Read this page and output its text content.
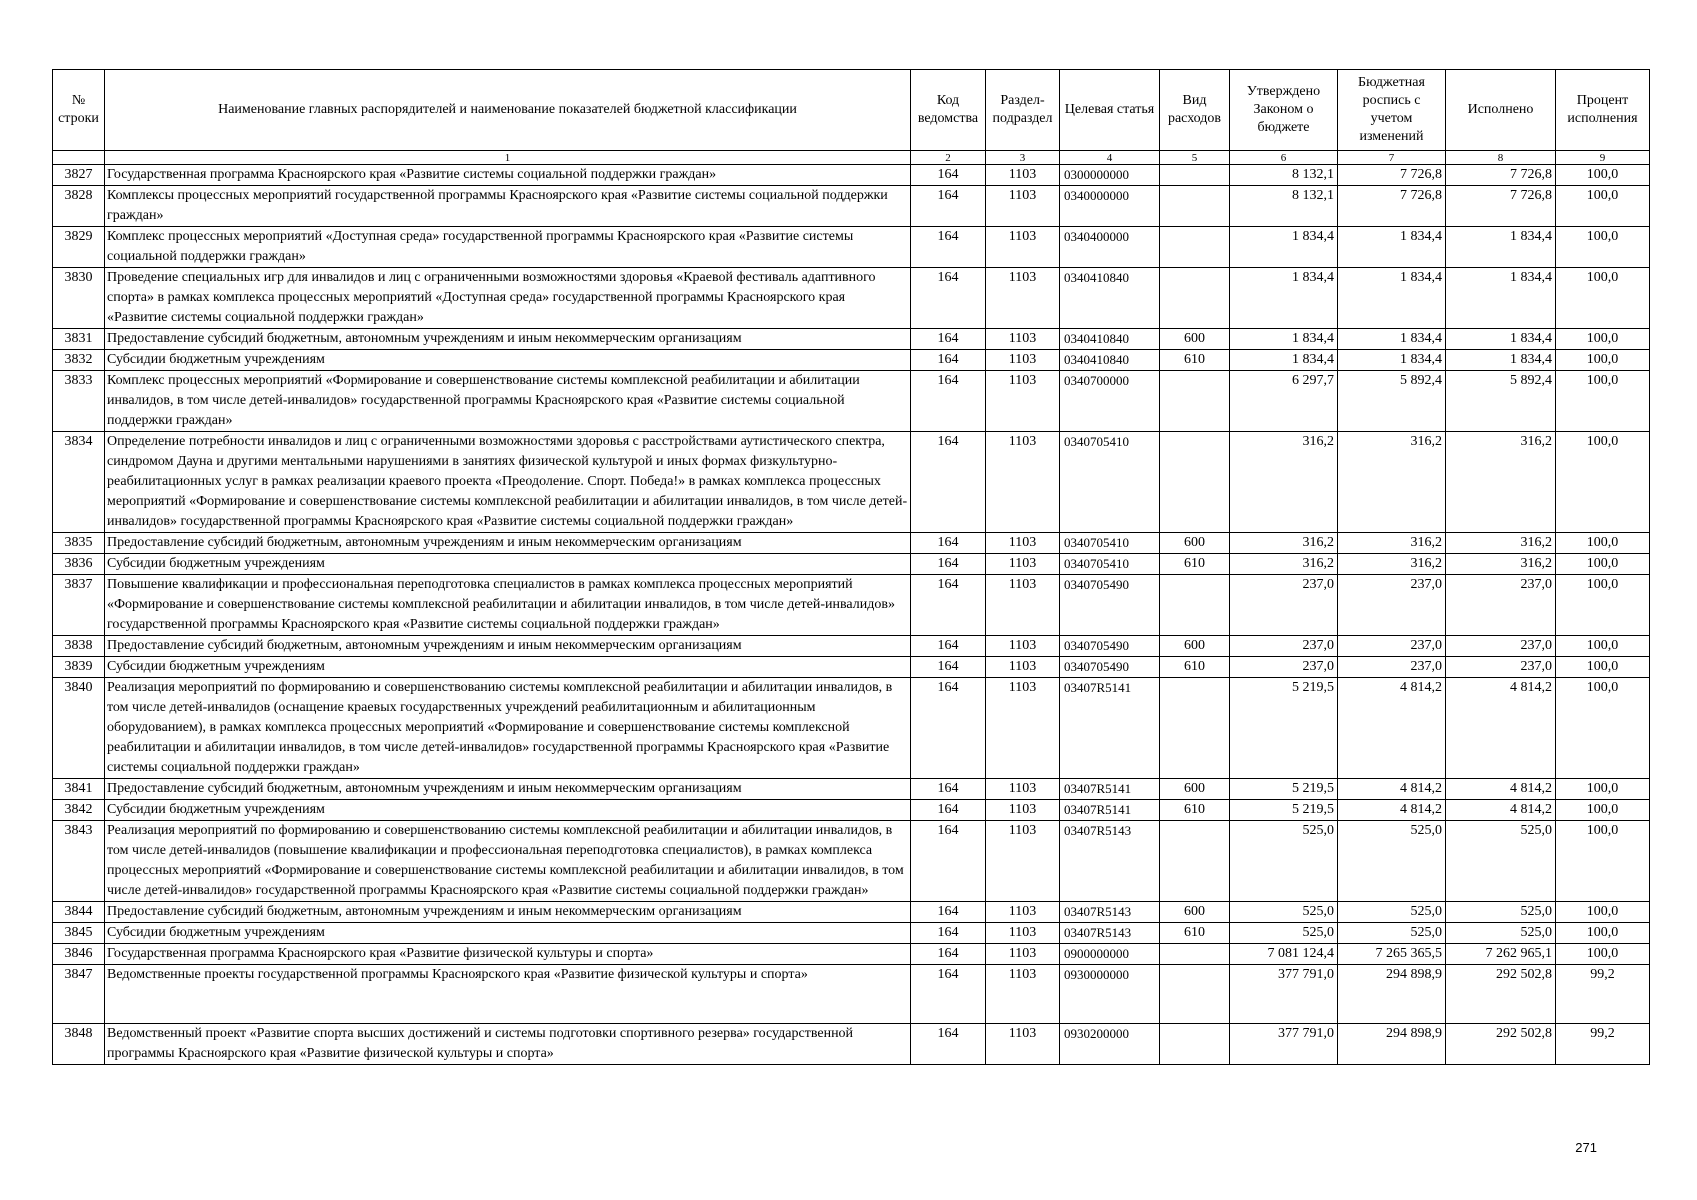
№ строки	Наименование главных распорядителей и наименование показателей бюджетной классификации	Код ведомства	Раздел-подраздел	Целевая статья	Вид расходов	Утверждено Законом о бюджете	Бюджетная роспись с учетом изменений	Исполнено	Процент исполнения
	1	2	3	4	5	6	7	8	9
3827	Государственная программа Красноярского края «Развитие системы социальной поддержки граждан»	164	1103	0300000000		8 132,1	7 726,8	7 726,8	100,0
3828	Комплексы процессных мероприятий государственной программы Красноярского края «Развитие системы социальной поддержки граждан»	164	1103	0340000000		8 132,1	7 726,8	7 726,8	100,0
3829	Комплекс процессных мероприятий «Доступная среда» государственной программы Красноярского края «Развитие системы социальной поддержки граждан»	164	1103	0340400000		1 834,4	1 834,4	1 834,4	100,0
3830	Проведение специальных игр для инвалидов и лиц с ограниченными возможностями здоровья «Краевой фестиваль адаптивного спорта» в рамках комплекса процессных мероприятий «Доступная среда» государственной программы Красноярского края «Развитие системы социальной поддержки граждан»	164	1103	0340410840		1 834,4	1 834,4	1 834,4	100,0
3831	Предоставление субсидий бюджетным, автономным учреждениям и иным некоммерческим организациям	164	1103	0340410840	600	1 834,4	1 834,4	1 834,4	100,0
3832	Субсидии бюджетным учреждениям	164	1103	0340410840	610	1 834,4	1 834,4	1 834,4	100,0
3833	Комплекс процессных мероприятий «Формирование и совершенствование системы комплексной реабилитации и абилитации инвалидов, в том числе детей-инвалидов» государственной программы Красноярского края «Развитие системы социальной поддержки граждан»	164	1103	0340700000		6 297,7	5 892,4	5 892,4	100,0
3834	Определение потребности инвалидов и лиц с ограниченными возможностями здоровья с расстройствами аутистического спектра, синдромом Дауна и другими ментальными нарушениями в занятиях физической культурой и иных формах физкультурно-реабилитационных услуг в рамках реализации краевого проекта «Преодоление. Спорт. Победа!» в рамках комплекса процессных мероприятий «Формирование и совершенствование системы комплексной реабилитации и абилитации инвалидов, в том числе детей-инвалидов» государственной программы Красноярского края «Развитие системы социальной поддержки граждан»	164	1103	0340705410		316,2	316,2	316,2	100,0
3835	Предоставление субсидий бюджетным, автономным учреждениям и иным некоммерческим организациям	164	1103	0340705410	600	316,2	316,2	316,2	100,0
3836	Субсидии бюджетным учреждениям	164	1103	0340705410	610	316,2	316,2	316,2	100,0
3837	Повышение квалификации и профессиональная переподготовка специалистов в рамках комплекса процессных мероприятий «Формирование и совершенствование системы комплексной реабилитации и абилитации инвалидов, в том числе детей-инвалидов» государственной программы Красноярского края «Развитие системы социальной поддержки граждан»	164	1103	0340705490		237,0	237,0	237,0	100,0
3838	Предоставление субсидий бюджетным, автономным учреждениям и иным некоммерческим организациям	164	1103	0340705490	600	237,0	237,0	237,0	100,0
3839	Субсидии бюджетным учреждениям	164	1103	0340705490	610	237,0	237,0	237,0	100,0
3840	Реализация мероприятий по формированию и совершенствованию системы комплексной реабилитации и абилитации инвалидов, в том числе детей-инвалидов (оснащение краевых государственных учреждений реабилитационным и абилитационным оборудованием), в рамках комплекса процессных мероприятий «Формирование и совершенствование системы комплексной реабилитации и абилитации инвалидов, в том числе детей-инвалидов» государственной программы Красноярского края «Развитие системы социальной поддержки граждан»	164	1103	03407R5141		5 219,5	4 814,2	4 814,2	100,0
3841	Предоставление субсидий бюджетным, автономным учреждениям и иным некоммерческим организациям	164	1103	03407R5141	600	5 219,5	4 814,2	4 814,2	100,0
3842	Субсидии бюджетным учреждениям	164	1103	03407R5141	610	5 219,5	4 814,2	4 814,2	100,0
3843	Реализация мероприятий по формированию и совершенствованию системы комплексной реабилитации и абилитации инвалидов, в том числе детей-инвалидов (повышение квалификации и профессиональная переподготовка специалистов), в рамках комплекса процессных мероприятий «Формирование и совершенствование системы комплексной реабилитации и абилитации инвалидов, в том числе детей-инвалидов» государственной программы Красноярского края «Развитие системы социальной поддержки граждан»	164	1103	03407R5143		525,0	525,0	525,0	100,0
3844	Предоставление субсидий бюджетным, автономным учреждениям и иным некоммерческим организациям	164	1103	03407R5143	600	525,0	525,0	525,0	100,0
3845	Субсидии бюджетным учреждениям	164	1103	03407R5143	610	525,0	525,0	525,0	100,0
3846	Государственная программа Красноярского края «Развитие физической культуры и спорта»	164	1103	0900000000		7 081 124,4	7 265 365,5	7 262 965,1	100,0
3847	Ведомственные проекты государственной программы Красноярского края «Развитие физической культуры и спорта»	164	1103	0930000000		377 791,0	294 898,9	292 502,8	99,2
3848	Ведомственный проект «Развитие спорта высших достижений и системы подготовки спортивного резерва» государственной программы Красноярского края «Развитие физической культуры и спорта»	164	1103	0930200000		377 791,0	294 898,9	292 502,8	99,2
271
